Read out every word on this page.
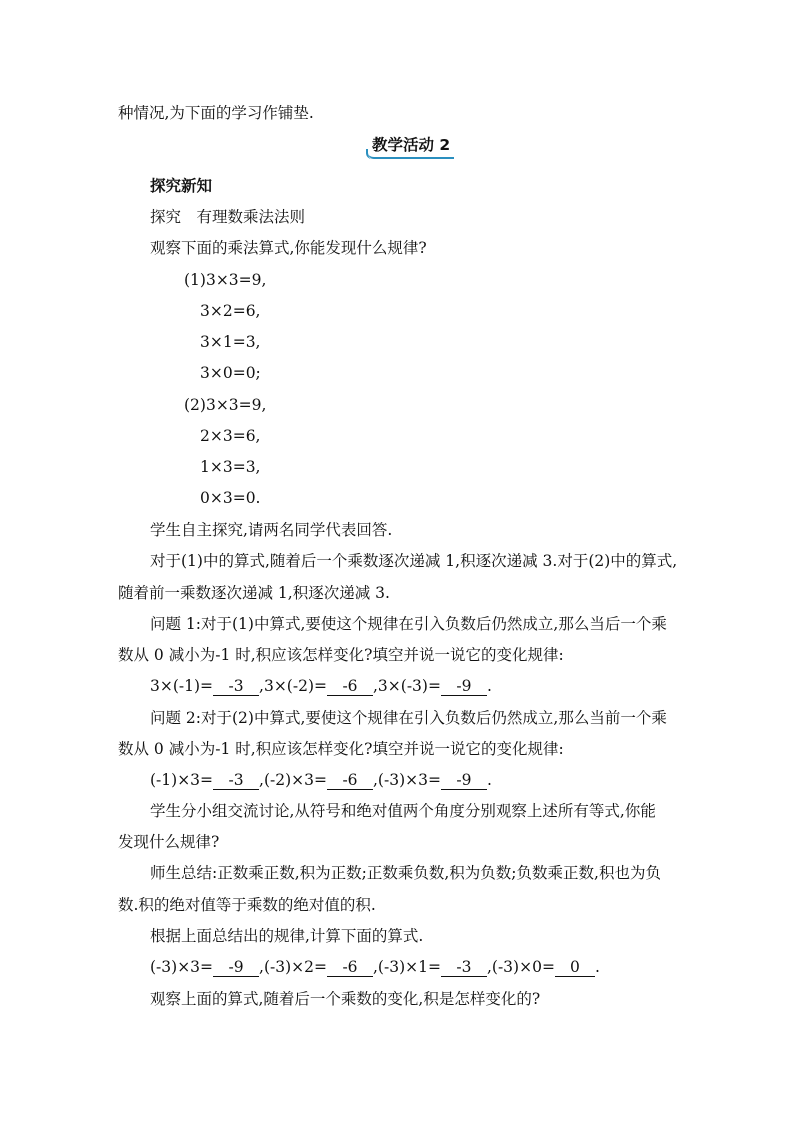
种情况,为下面的学习作铺垫.
教学活动 2
探究新知
探究　有理数乘法法则
观察下面的乘法算式,你能发现什么规律?
(1)3×3=9,
3×2=6,
3×1=3,
3×0=0;
(2)3×3=9,
2×3=6,
1×3=3,
0×3=0.
学生自主探究,请两名同学代表回答.
对于(1)中的算式,随着后一个乘数逐次递减 1,积逐次递减 3.对于(2)中的算式,
随着前一乘数逐次递减 1,积逐次递减 3.
问题 1:对于(1)中算式,要使这个规律在引入负数后仍然成立,那么当后一个乘
数从 0 减小为-1 时,积应该怎样变化?填空并说一说它的变化规律:
3×(-1)= -3 ,3×(-2)= -6 ,3×(-3)= -9 .
问题 2:对于(2)中算式,要使这个规律在引入负数后仍然成立,那么当前一个乘
数从 0 减小为-1 时,积应该怎样变化?填空并说一说它的变化规律:
(-1)×3= -3 ,(-2)×3= -6 ,(-3)×3= -9 .
学生分小组交流讨论,从符号和绝对值两个角度分别观察上述所有等式,你能
发现什么规律?
师生总结:正数乘正数,积为正数;正数乘负数,积为负数;负数乘正数,积也为负
数.积的绝对值等于乘数的绝对值的积.
根据上面总结出的规律,计算下面的算式.
(-3)×3= -9 ,(-3)×2= -6 ,(-3)×1= -3 ,(-3)×0= 0 .
观察上面的算式,随着后一个乘数的变化,积是怎样变化的?
